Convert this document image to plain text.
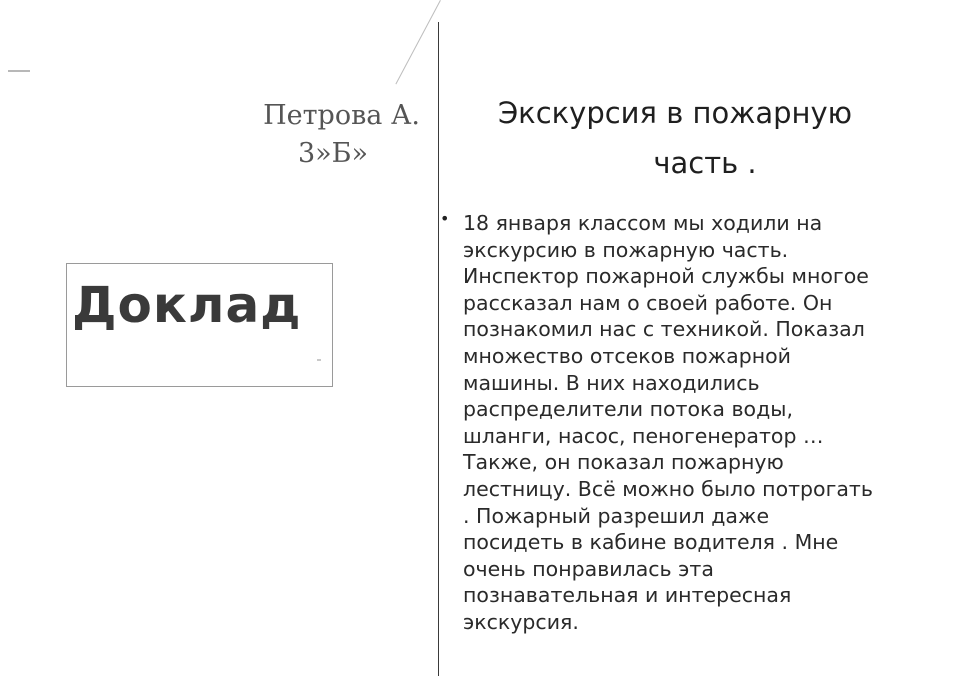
Петрова А.
3»Б»
Доклад
Экскурсия в пожарную
часть .
• 18 января классом мы ходили на
экскурсию в пожарную часть.
Инспектор пожарной службы многое
рассказал нам о своей работе. Он
познакомил нас с техникой. Показал
множество отсеков пожарной
машины. В них находились
распределители потока воды,
шланги, насос, пеногенератор …
Также, он показал пожарную
лестницу. Всё можно было потрогать
. Пожарный разрешил даже
посидеть в кабине водителя . Мне
очень понравилась эта
познавательная и интересная
экскурсия.
